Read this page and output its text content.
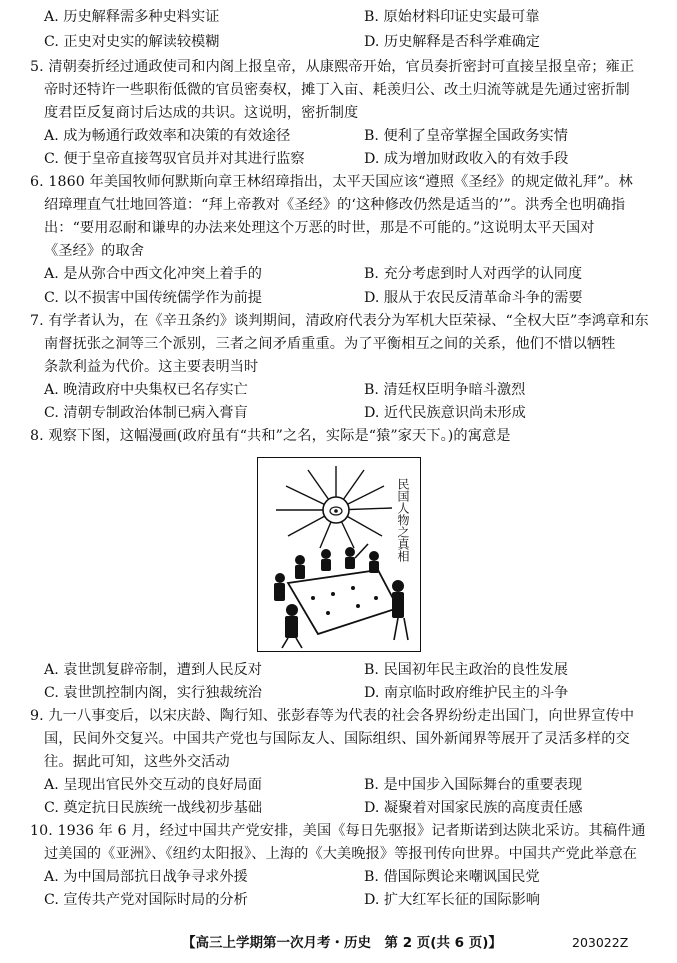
A. 历史解释需多种史料实证	B. 原始材料印证史实最可靠
C. 正史对史实的解读较模糊	D. 历史解释是否科学难确定
5. 清朝奏折经过通政使司和内阁上报皇帝，从康熙帝开始，官员奏折密封可直接呈报皇帝；雍正
帝时还特许一些职衔低微的官员密奏权，摊丁入亩、耗羡归公、改土归流等就是先通过密折制
度君臣反复商讨后达成的共识。这说明，密折制度
A. 成为畅通行政效率和决策的有效途径	B. 便利了皇帝掌握全国政务实情
C. 便于皇帝直接驾驭官员并对其进行监察	D. 成为增加财政收入的有效手段
6. 1860 年美国牧师何默斯向章王林绍璋指出，太平天国应该“遵照《圣经》的规定做礼拜”。林
绍璋理直气壮地回答道：“拜上帝教对《圣经》的‘这种修改仍然是适当的’”。洪秀全也明确指
出：“要用忍耐和谦卑的办法来处理这个万恶的时世，那是不可能的。”这说明太平天国对
《圣经》的取舍
A. 是从弥合中西文化冲突上着手的	B. 充分考虑到时人对西学的认同度
C. 以不损害中国传统儒学作为前提	D. 服从于农民反清革命斗争的需要
7. 有学者认为，在《辛丑条约》谈判期间，清政府代表分为军机大臣荣禄、“全权大臣”李鸿章和东
南督抚张之洞等三个派别，三者之间矛盾重重。为了平衡相互之间的关系，他们不惜以牺牲
条款利益为代价。这主要表明当时
A. 晚清政府中央集权已名存实亡	B. 清廷权臣明争暗斗激烈
C. 清朝专制政治体制已病入膏肓	D. 近代民族意识尚未形成
8. 观察下图，这幅漫画(政府虽有“共和”之名，实际是“猿”家天下。)的寓意是
民国人物之真相
A. 袁世凯复辟帝制，遭到人民反对	B. 民国初年民主政治的良性发展
C. 袁世凯控制内阁，实行独裁统治	D. 南京临时政府维护民主的斗争
9. 九一八事变后，以宋庆龄、陶行知、张彭春等为代表的社会各界纷纷走出国门，向世界宣传中
国，民间外交复兴。中国共产党也与国际友人、国际组织、国外新闻界等展开了灵活多样的交
往。据此可知，这些外交活动
A. 呈现出官民外交互动的良好局面	B. 是中国步入国际舞台的重要表现
C. 奠定抗日民族统一战线初步基础	D. 凝聚着对国家民族的高度责任感
10. 1936 年 6 月，经过中国共产党安排，美国《每日先驱报》记者斯诺到达陕北采访。其稿件通
过美国的《亚洲》、《纽约太阳报》、上海的《大美晚报》等报刊传向世界。中国共产党此举意在
A. 为中国局部抗日战争寻求外援	B. 借国际舆论来嘲讽国民党
C. 宣传共产党对国际时局的分析	D. 扩大红军长征的国际影响
【高三上学期第一次月考・历史　第 2 页(共 6 页)】	203022Z
